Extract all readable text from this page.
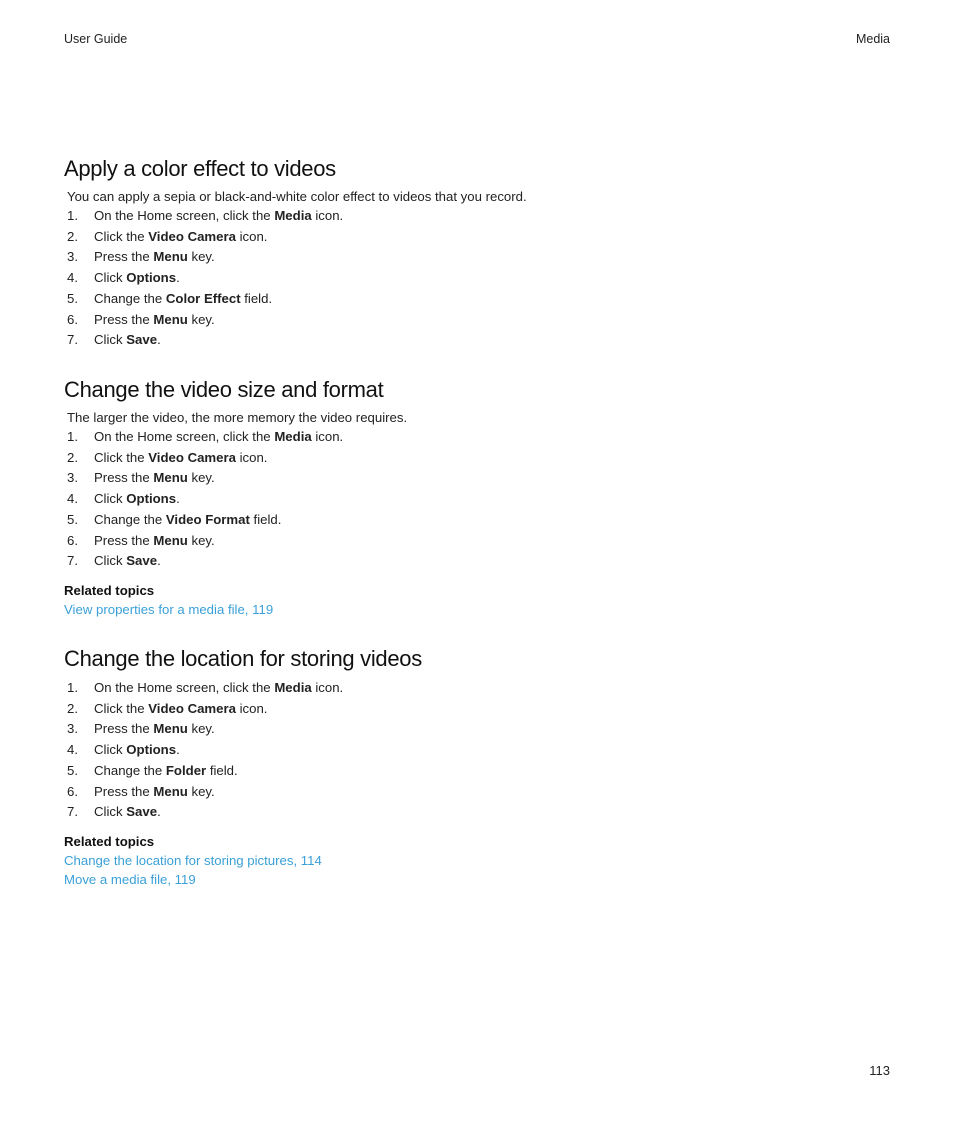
User Guide	Media
Apply a color effect to videos
You can apply a sepia or black-and-white color effect to videos that you record.
1.	On the Home screen, click the Media icon.
2.	Click the Video Camera icon.
3.	Press the Menu key.
4.	Click Options.
5.	Change the Color Effect field.
6.	Press the Menu key.
7.	Click Save.
Change the video size and format
The larger the video, the more memory the video requires.
1.	On the Home screen, click the Media icon.
2.	Click the Video Camera icon.
3.	Press the Menu key.
4.	Click Options.
5.	Change the Video Format field.
6.	Press the Menu key.
7.	Click Save.
Related topics
View properties for a media file, 119
Change the location for storing videos
1.	On the Home screen, click the Media icon.
2.	Click the Video Camera icon.
3.	Press the Menu key.
4.	Click Options.
5.	Change the Folder field.
6.	Press the Menu key.
7.	Click Save.
Related topics
Change the location for storing pictures, 114
Move a media file, 119
113
